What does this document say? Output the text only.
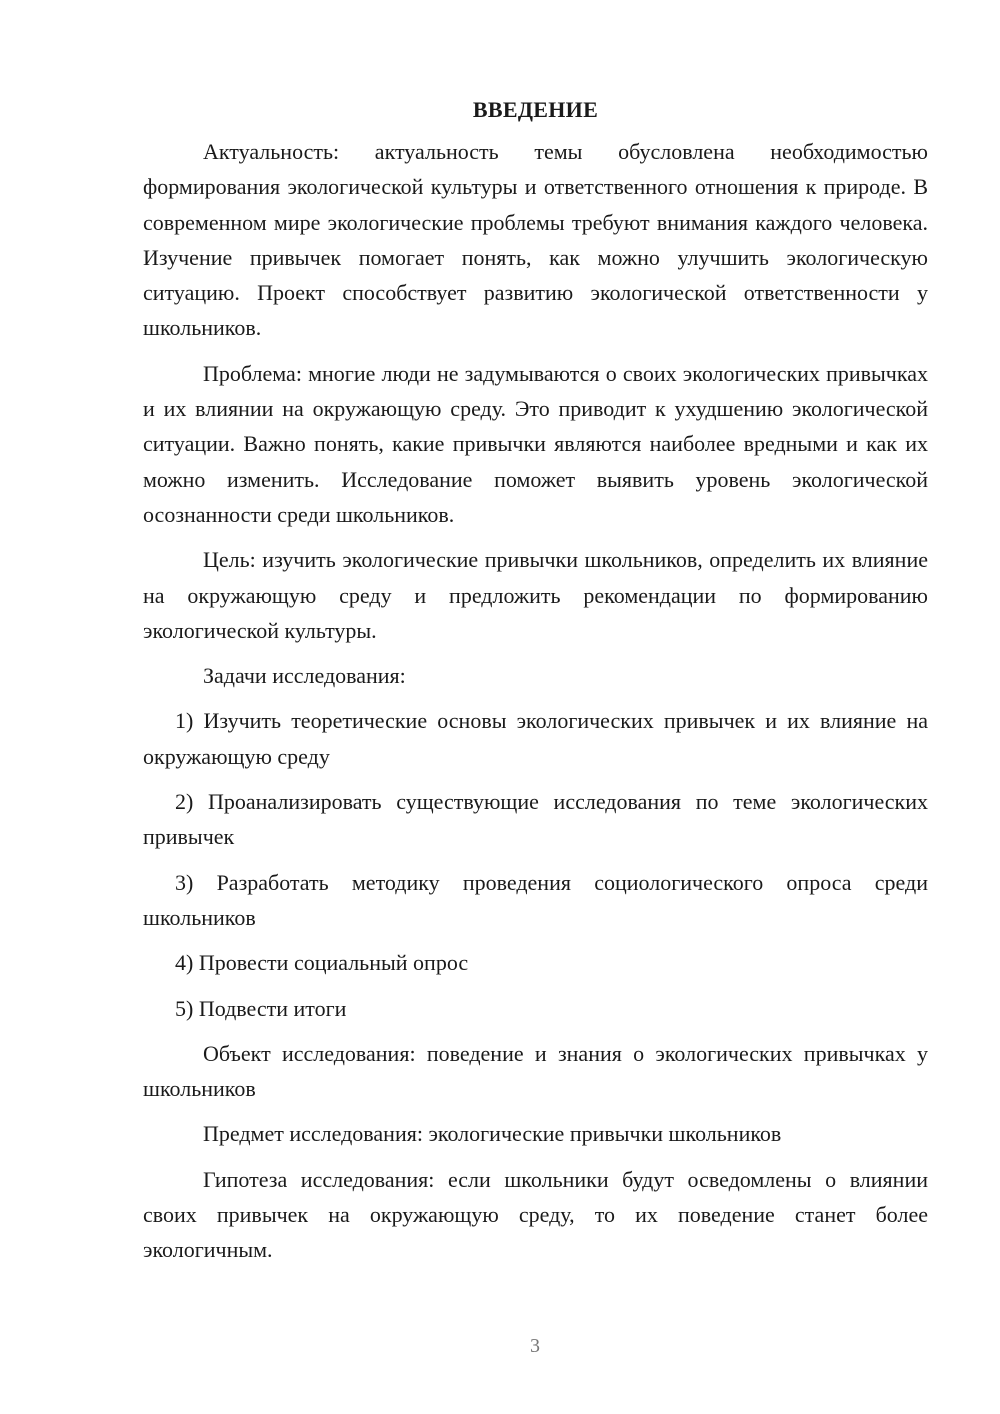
ВВЕДЕНИЕ

Актуальность: актуальность темы обусловлена необходимостью формирования экологической культуры и ответственного отношения к природе. В современном мире экологические проблемы требуют внимания каждого человека. Изучение привычек помогает понять, как можно улучшить экологическую ситуацию. Проект способствует развитию экологической ответственности у школьников.

Проблема: многие люди не задумываются о своих экологических привычках и их влиянии на окружающую среду. Это приводит к ухудшению экологической ситуации. Важно понять, какие привычки являются наиболее вредными и как их можно изменить. Исследование поможет выявить уровень экологической осознанности среди школьников.

Цель: изучить экологические привычки школьников, определить их влияние на окружающую среду и предложить рекомендации по формированию экологической культуры.

Задачи исследования:

1) Изучить теоретические основы экологических привычек и их влияние на окружающую среду

2) Проанализировать существующие исследования по теме экологических привычек

3) Разработать методику проведения социологического опроса среди школьников

4) Провести социальный опрос

5) Подвести итоги

Объект исследования: поведение и знания о экологических привычках у школьников

Предмет исследования: экологические привычки школьников

Гипотеза исследования: если школьники будут осведомлены о влиянии своих привычек на окружающую среду, то их поведение станет более экологичным.

3
